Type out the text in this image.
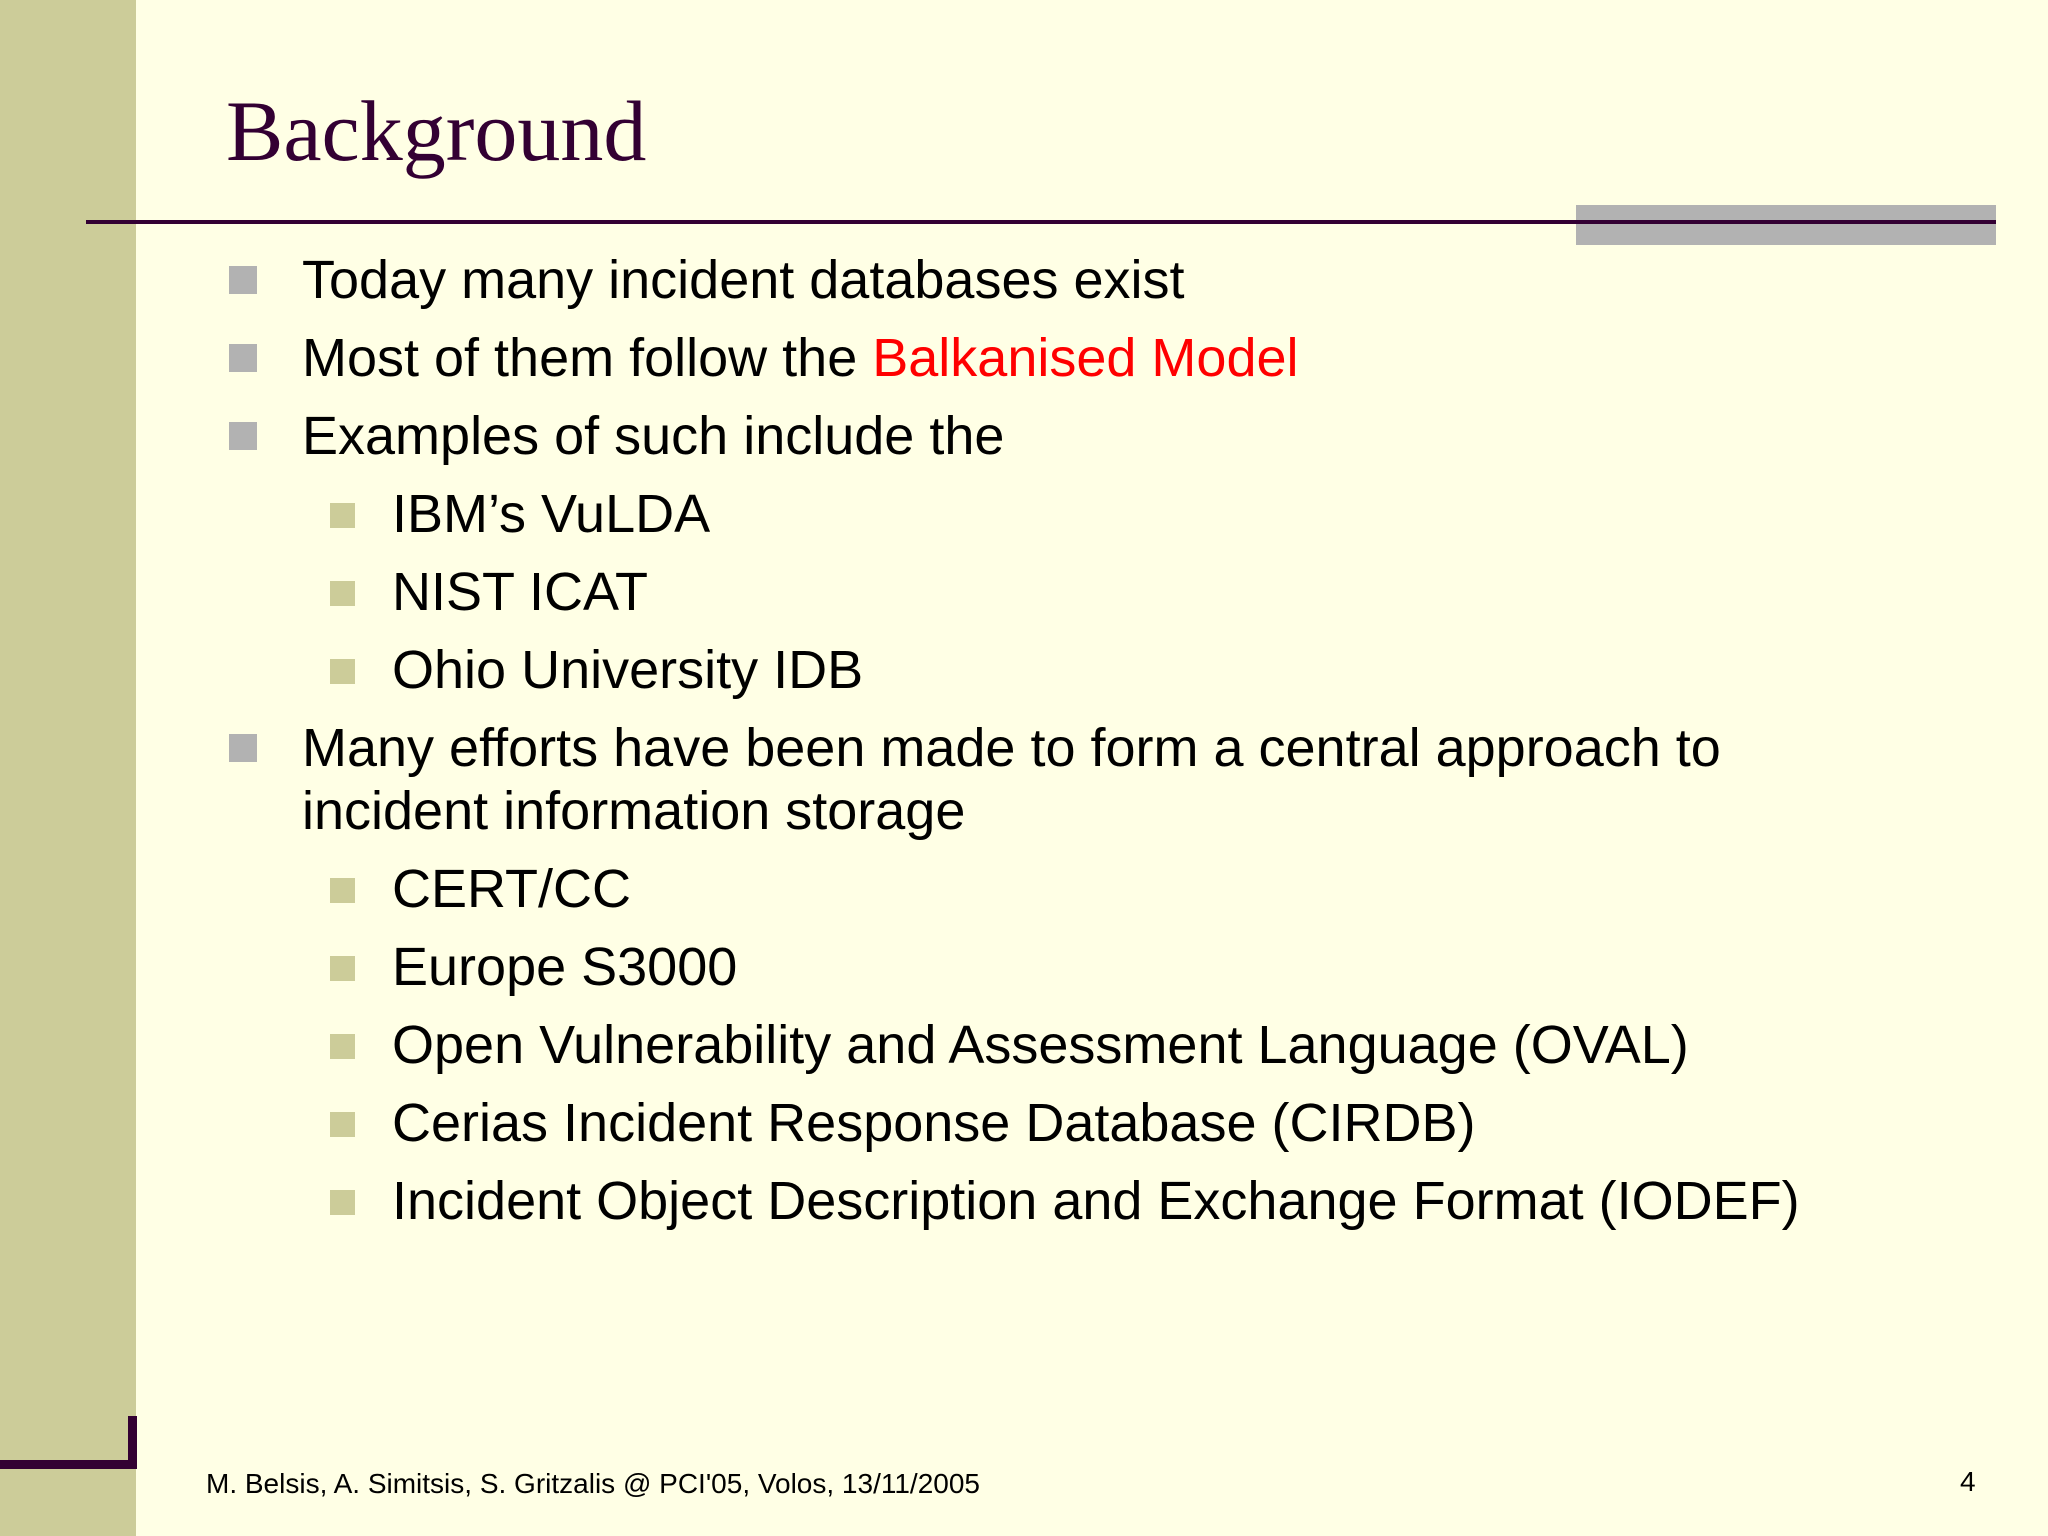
Background
Today many incident databases exist
Most of them follow the Balkanised Model
Examples of such include the
IBM’s VuLDA
NIST ICAT
Ohio University IDB
Many efforts have been made to form a central approach to
incident information storage
CERT/CC
Europe S3000
Open Vulnerability and Assessment Language (OVAL)
Cerias Incident Response Database (CIRDB)
Incident Object Description and Exchange Format (IODEF)
M. Belsis, A. Simitsis, S. Gritzalis @ PCI'05, Volos, 13/11/2005	4
